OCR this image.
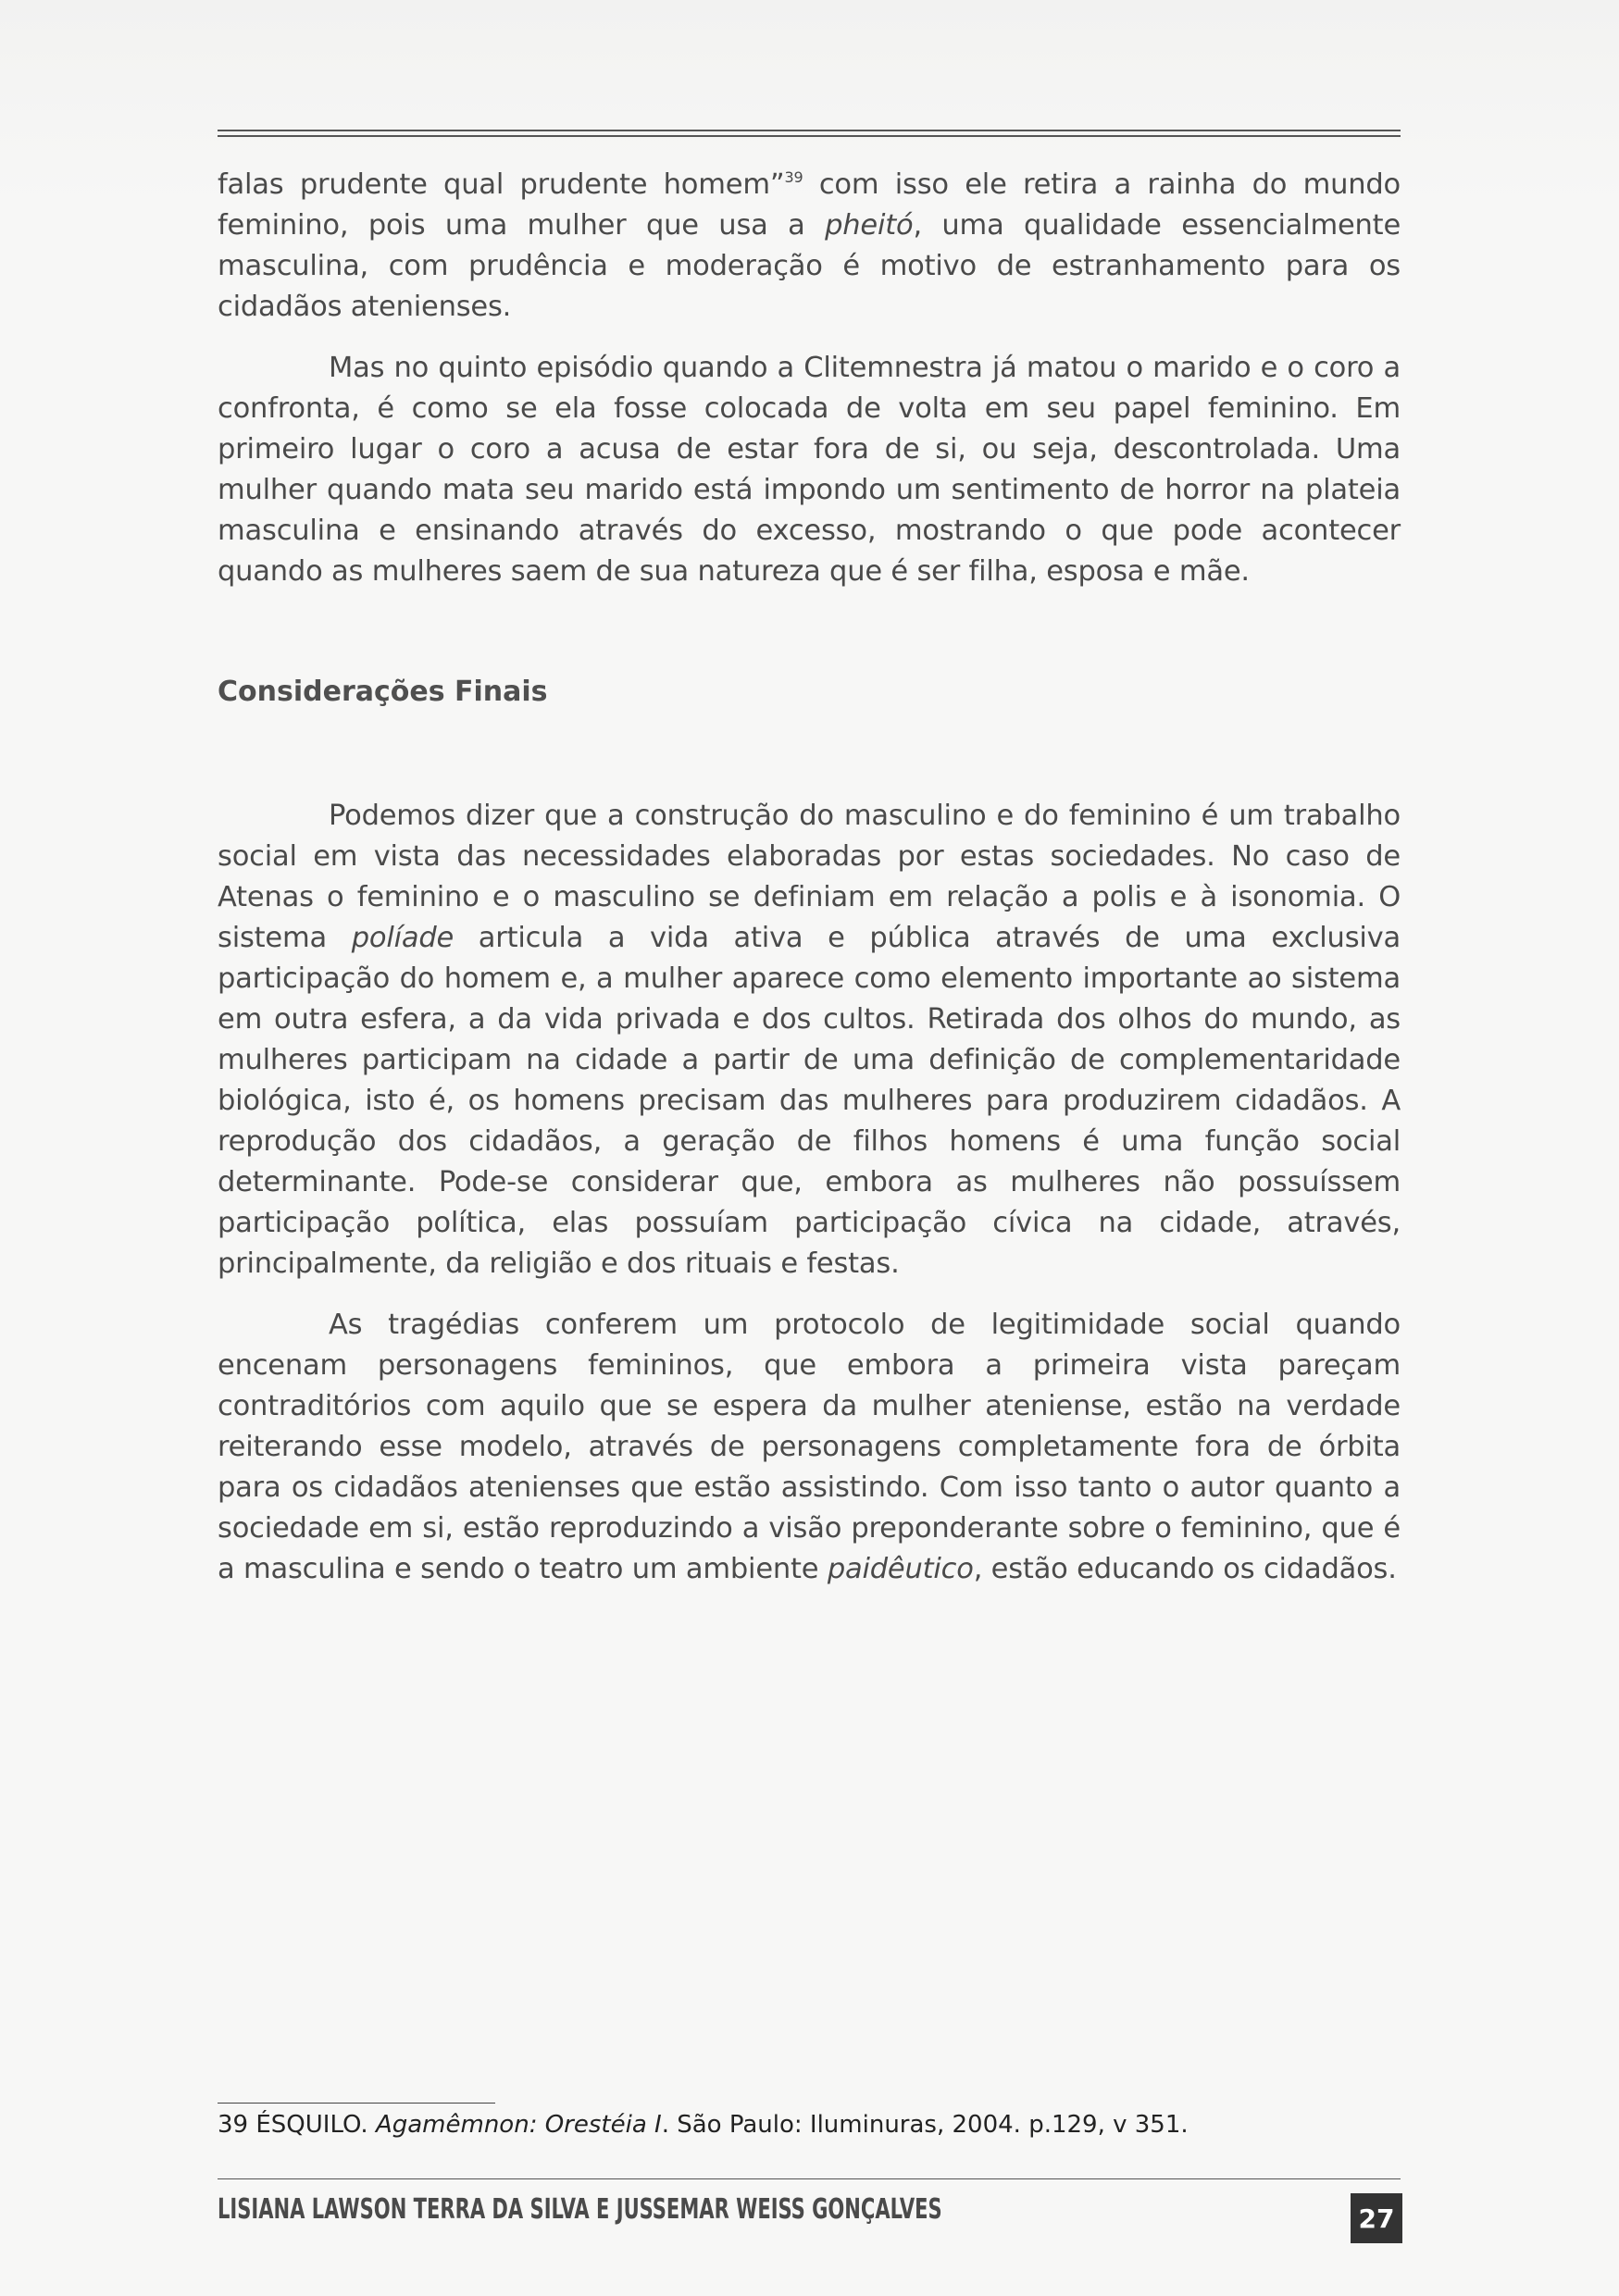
falas prudente qual prudente homem”$^{39}$ com isso ele retira a rainha do mundo feminino, pois uma mulher que usa a pheitó, uma qualidade essencialmente masculina, com prudência e moderação é motivo de estranhamento para os cidadãos atenienses.

Mas no quinto episódio quando a Clitemnestra já matou o marido e o coro a confronta, é como se ela fosse colocada de volta em seu papel feminino. Em primeiro lugar o coro a acusa de estar fora de si, ou seja, descontrolada. Uma mulher quando mata seu marido está impondo um sentimento de horror na plateia masculina e ensinando através do excesso, mostrando o que pode acontecer quando as mulheres saem de sua natureza que é ser filha, esposa e mãe.

Considerações Finais

Podemos dizer que a construção do masculino e do feminino é um trabalho social em vista das necessidades elaboradas por estas sociedades. No caso de Atenas o feminino e o masculino se definiam em relação a polis e à isonomia. O sistema políade articula a vida ativa e pública através de uma exclusiva participação do homem e, a mulher aparece como elemento importante ao sistema em outra esfera, a da vida privada e dos cultos. Retirada dos olhos do mundo, as mulheres participam na cidade a partir de uma definição de complementaridade biológica, isto é, os homens precisam das mulheres para produzirem cidadãos. A reprodução dos cidadãos, a geração de filhos homens é uma função social determinante. Pode-se considerar que, embora as mulheres não possuíssem participação política, elas possuíam participação cívica na cidade, através, principalmente, da religião e dos rituais e festas.

As tragédias conferem um protocolo de legitimidade social quando encenam personagens femininos, que embora a primeira vista pareçam contraditórios com aquilo que se espera da mulher ateniense, estão na verdade reiterando esse modelo, através de personagens completamente fora de órbita para os cidadãos atenienses que estão assistindo. Com isso tanto o autor quanto a sociedade em si, estão reproduzindo a visão preponderante sobre o feminino, que é a masculina e sendo o teatro um ambiente paidêutico, estão educando os cidadãos.

39 ÉSQUILO. Agamêmnon: Orestéia I. São Paulo: Iluminuras, 2004. p.129, v 351.
LISIANA LAWSON TERRA DA SILVA E JUSSEMAR WEISS GONÇALVES	27
